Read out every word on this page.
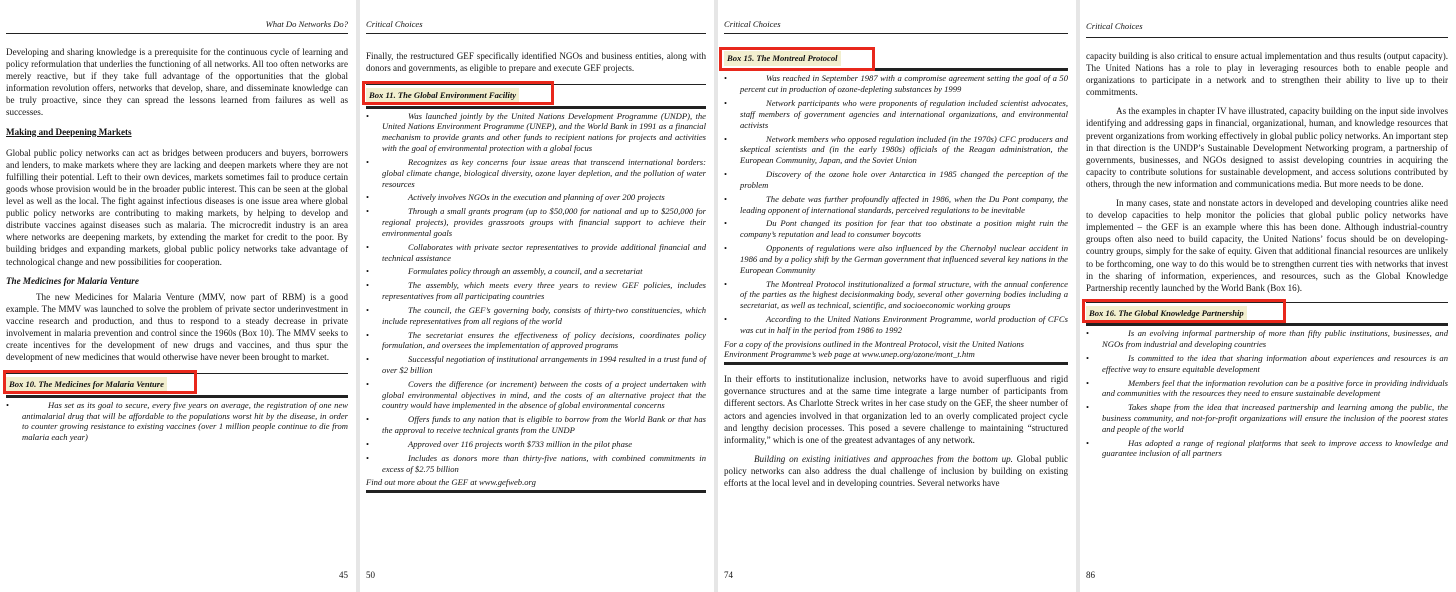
What Do Networks Do?

Developing and sharing knowledge is a prerequisite for the continuous cycle of learning and policy reformulation that underlies the functioning of all networks. All too often networks are merely reactive, but if they take full advantage of the opportunities that the global information revolution offers, networks that develop, share, and disseminate knowledge can be truly proactive, since they can spread the lessons learned from failures as well as successes.

Making and Deepening Markets

Global public policy networks can act as bridges between producers and buyers, borrowers and lenders, to make markets where they are lacking and deepen markets where they are not fulfilling their potential. Left to their own devices, markets sometimes fail to produce certain goods whose provision would be in the broader public interest. This can be seen at the global level as well as the local. The fight against infectious diseases is one issue area where global public policy networks are contributing to making markets, by helping to develop and distribute vaccines against diseases such as malaria. The microcredit industry is an area where networks are deepening markets, by extending the market for credit to the poor. By building bridges and expanding markets, global public policy networks take advantage of technological change and new possibilities for cooperation.

The Medicines for Malaria Venture

The new Medicines for Malaria Venture (MMV, now part of RBM) is a good example. The MMV was launched to solve the problem of private sector underinvestment in vaccine research and production, and thus to respond to a steady decrease in private involvement in malaria prevention and control since the 1960s (Box 10). The MMV seeks to create incentives for the development of new drugs and vaccines, and thus spur the development of new medicines that would otherwise have never been brought to market.

Box 10. The Medicines for Malaria Venture
• Has set as its goal to secure, every five years on average, the registration of one new antimalarial drug that will be affordable to the populations worst hit by the disease, in order to counter growing resistance to existing vaccines (over 1 million people continue to die from malaria each year)
45
Critical Choices

Finally, the restructured GEF specifically identified NGOs and business entities, along with donors and governments, as eligible to prepare and execute GEF projects.

Box 11. The Global Environment Facility
• Was launched jointly by the United Nations Development Programme (UNDP), the United Nations Environment Programme (UNEP), and the World Bank in 1991 as a financial mechanism to provide grants and other funds to recipient nations for projects and activities with the goal of environmental protection with a global focus
• Recognizes as key concerns four issue areas that transcend international borders: global climate change, biological diversity, ozone layer depletion, and the pollution of water resources
• Actively involves NGOs in the execution and planning of over 200 projects
• Through a small grants program (up to $50,000 for national and up to $250,000 for regional projects), provides grassroots groups with financial support to achieve their environmental goals
• Collaborates with private sector representatives to provide additional financial and technical assistance
• Formulates policy through an assembly, a council, and a secretariat
• The assembly, which meets every three years to review GEF policies, includes representatives from all participating countries
• The council, the GEF’s governing body, consists of thirty-two constituencies, which include representatives from all regions of the world
• The secretariat ensures the effectiveness of policy decisions, coordinates policy formulation, and oversees the implementation of approved programs
• Successful negotiation of institutional arrangements in 1994 resulted in a trust fund of over $2 billion
• Covers the difference (or increment) between the costs of a project undertaken with global environmental objectives in mind, and the costs of an alternative project that the country would have implemented in the absence of global environmental concerns
• Offers funds to any nation that is eligible to borrow from the World Bank or that has the approval to receive technical grants from the UNDP
• Approved over 116 projects worth $733 million in the pilot phase
• Includes as donors more than thirty-five nations, with combined commitments in excess of $2.75 billion
Find out more about the GEF at www.gefweb.org
50
Critical Choices
Box 15. The Montreal Protocol
• Was reached in September 1987 with a compromise agreement setting the goal of a 50 percent cut in production of ozone-depleting substances by 1999
• Network participants who were proponents of regulation included scientist advocates, staff members of government agencies and international organizations, and environmental activists
• Network members who opposed regulation included (in the 1970s) CFC producers and skeptical scientists and (in the early 1980s) officials of the Reagan administration, the European Community, Japan, and the Soviet Union
• Discovery of the ozone hole over Antarctica in 1985 changed the perception of the problem
• The debate was further profoundly affected in 1986, when the Du Pont company, the leading opponent of international standards, perceived regulations to be inevitable
• Du Pont changed its position for fear that too obstinate a position might ruin the company’s reputation and lead to consumer boycotts
• Opponents of regulations were also influenced by the Chernobyl nuclear accident in 1986 and by a policy shift by the German government that influenced several key nations in the European Community
• The Montreal Protocol institutionalized a formal structure, with the annual conference of the parties as the highest decisionmaking body, several other governing bodies including a secretariat, as well as technical, scientific, and socioeconomic working groups
• According to the United Nations Environment Programme, world production of CFCs was cut in half in the period from 1986 to 1992
For a copy of the provisions outlined in the Montreal Protocol, visit the United Nations Environment Programme’s web page at www.unep.org/ozone/mont_t.htm

In their efforts to institutionalize inclusion, networks have to avoid superfluous and rigid governance structures and at the same time integrate a large number of participants from different sectors. As Charlotte Streck writes in her case study on the GEF, the sheer number of actors and agencies involved in that organization led to an overly complicated project cycle and lengthy decision processes. This posed a severe challenge to maintaining “structured informality,” which is one of the greatest advantages of any network.

Building on existing initiatives and approaches from the bottom up. Global public policy networks can also address the dual challenge of inclusion by building on existing efforts at the local level and in developing countries. Several networks have

74
Critical Choices

capacity building is also critical to ensure actual implementation and thus results (output capacity). The United Nations has a role to play in leveraging resources both to enable people and organizations to participate in a network and to strengthen their ability to live up to their commitments.

As the examples in chapter IV have illustrated, capacity building on the input side involves identifying and addressing gaps in financial, organizational, human, and knowledge resources that prevent organizations from working effectively in global public policy networks. An important step in that direction is the UNDP’s Sustainable Development Networking program, a partnership of governments, businesses, and NGOs designed to assist developing countries in acquiring the capacity to contribute solutions for sustainable development, and access solutions contributed by others, through the new information and communications media. But more needs to be done.

In many cases, state and nonstate actors in developed and developing countries alike need to develop capacities to help monitor the policies that global public policy networks have implemented – the GEF is an example where this has been done. Although industrial-country groups often also need to build capacity, the United Nations’ focus should be on developing-country groups, simply for the sake of equity. Given that additional financial resources are unlikely to be forthcoming, one way to do this would be to strengthen current ties with networks that invest in the sharing of information, experiences, and resources, such as the Global Knowledge Partnership recently launched by the World Bank (Box 16).

Box 16. The Global Knowledge Partnership
• Is an evolving informal partnership of more than fifty public institutions, businesses, and NGOs from industrial and developing countries
• Is committed to the idea that sharing information about experiences and resources is an effective way to ensure equitable development
• Members feel that the information revolution can be a positive force in providing individuals and communities with the resources they need to ensure sustainable development
• Takes shape from the idea that increased partnership and learning among the public, the business community, and not-for-profit organizations will ensure the inclusion of the poorest states and people of the world
• Has adopted a range of regional platforms that seek to improve access to knowledge and guarantee inclusion of all partners
86
